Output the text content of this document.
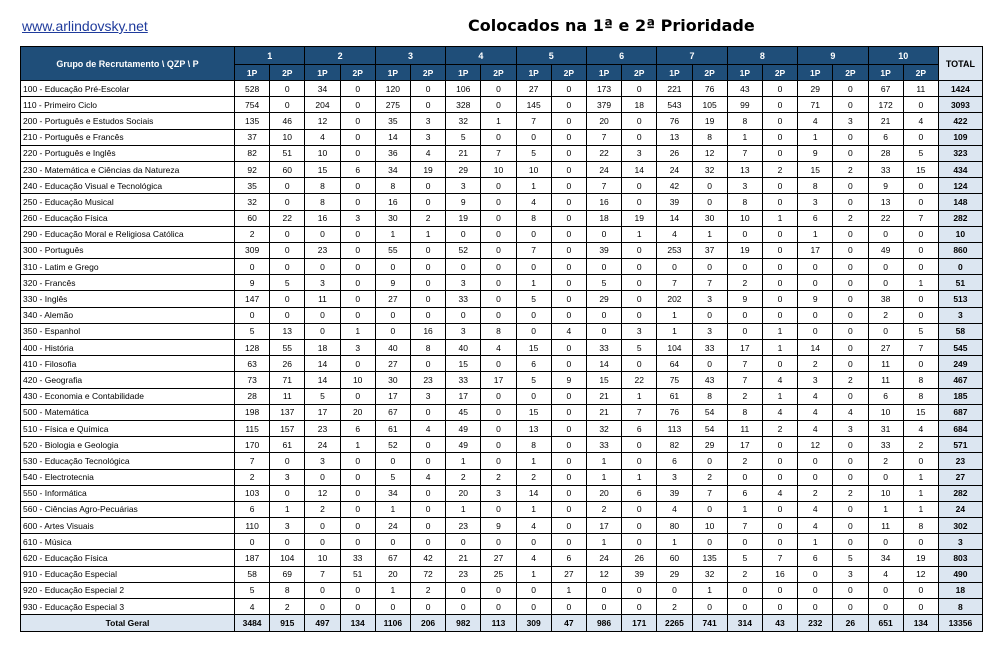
www.arlindovsky.net	Colocados na 1ª e 2ª Prioridade
Grupo de Recrutamento \ QZP \ P	1		2		3		4		5		6		7		8		9		10		TOTAL
	1P	2P	1P	2P	1P	2P	1P	2P	1P	2P	1P	2P	1P	2P	1P	2P	1P	2P	1P	2P	
100 - Educação Pré-Escolar	528	0	34	0	120	0	106	0	27	0	173	0	221	76	43	0	29	0	67	11	1424
110 - Primeiro Ciclo	754	0	204	0	275	0	328	0	145	0	379	18	543	105	99	0	71	0	172	0	3093
200 - Português e Estudos Sociais	135	46	12	0	35	3	32	1	7	0	20	0	76	19	8	0	4	3	21	4	422
210 - Português e Francês	37	10	4	0	14	3	5	0	0	0	7	0	13	8	1	0	1	0	6	0	109
220 - Português e Inglês	82	51	10	0	36	4	21	7	5	0	22	3	26	12	7	0	9	0	28	5	323
230 - Matemática e Ciências da Natureza	92	60	15	6	34	19	29	10	10	0	24	14	24	32	13	2	15	2	33	15	434
240 - Educação Visual e Tecnológica	35	0	8	0	8	0	3	0	1	0	7	0	42	0	3	0	8	0	9	0	124
250 - Educação Musical	32	0	8	0	16	0	9	0	4	0	16	0	39	0	8	0	3	0	13	0	148
260 - Educação Física	60	22	16	3	30	2	19	0	8	0	18	19	14	30	10	1	6	2	22	7	282
290 - Educação Moral e Religiosa Católica	2	0	0	0	1	1	0	0	0	0	0	1	4	1	0	0	1	0	0	0	10
300 - Português	309	0	23	0	55	0	52	0	7	0	39	0	253	37	19	0	17	0	49	0	860
310 - Latim e Grego	0	0	0	0	0	0	0	0	0	0	0	0	0	0	0	0	0	0	0	0	0
320 - Francês	9	5	3	0	9	0	3	0	1	0	5	0	7	7	2	0	0	0	0	1	51
330 - Inglês	147	0	11	0	27	0	33	0	5	0	29	0	202	3	9	0	9	0	38	0	513
340 - Alemão	0	0	0	0	0	0	0	0	0	0	0	0	1	0	0	0	0	0	2	0	3
350 - Espanhol	5	13	0	1	0	16	3	8	0	4	0	3	1	3	0	1	0	0	0	5	58
400 - História	128	55	18	3	40	8	40	4	15	0	33	5	104	33	17	1	14	0	27	7	545
410 - Filosofia	63	26	14	0	27	0	15	0	6	0	14	0	64	0	7	0	2	0	11	0	249
420 - Geografia	73	71	14	10	30	23	33	17	5	9	15	22	75	43	7	4	3	2	11	8	467
430 - Economia e Contabilidade	28	11	5	0	17	3	17	0	0	0	21	1	61	8	2	1	4	0	6	8	185
500 - Matemática	198	137	17	20	67	0	45	0	15	0	21	7	76	54	8	4	4	4	10	15	687
510 - Física e Química	115	157	23	6	61	4	49	0	13	0	32	6	113	54	11	2	4	3	31	4	684
520 - Biologia e Geologia	170	61	24	1	52	0	49	0	8	0	33	0	82	29	17	0	12	0	33	2	571
530 - Educação Tecnológica	7	0	3	0	0	0	1	0	1	0	1	0	6	0	2	0	0	0	2	0	23
540 - Electrotecnia	2	3	0	0	5	4	2	2	2	0	1	1	3	2	0	0	0	0	0	1	27
550 - Informática	103	0	12	0	34	0	20	3	14	0	20	6	39	7	6	4	2	2	10	1	282
560 - Ciências Agro-Pecuárias	6	1	2	0	1	0	1	0	1	0	2	0	4	0	1	0	4	0	1	1	24
600 - Artes Visuais	110	3	0	0	24	0	23	9	4	0	17	0	80	10	7	0	4	0	11	8	302
610 - Música	0	0	0	0	0	0	0	0	0	0	1	0	1	0	0	0	1	0	0	0	3
620 - Educação Física	187	104	10	33	67	42	21	27	4	6	24	26	60	135	5	7	6	5	34	19	803
910 - Educação Especial	58	69	7	51	20	72	23	25	1	27	12	39	29	32	2	16	0	3	4	12	490
920 - Educação Especial 2	5	8	0	0	1	2	0	0	0	1	0	0	0	1	0	0	0	0	0	0	18
930 - Educação Especial 3	4	2	0	0	0	0	0	0	0	0	0	0	2	0	0	0	0	0	0	0	8
Total Geral	3484	915	497	134	1106	206	982	113	309	47	986	171	2265	741	314	43	232	26	651	134	13356
